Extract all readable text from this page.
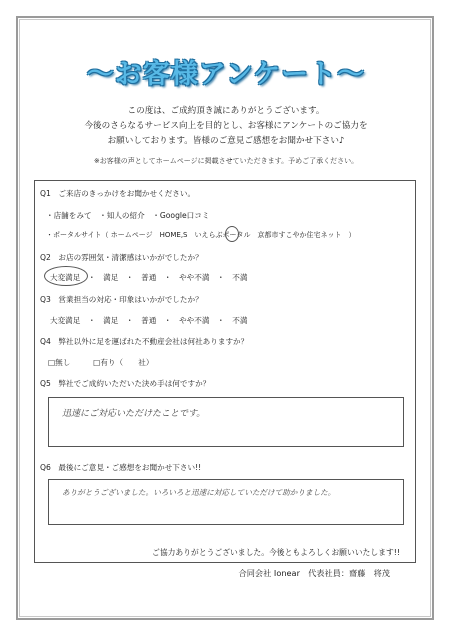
～お客様アンケート～
この度は、ご成約頂き誠にありがとうございます。
今後のさらなるサービス向上を目的とし、お客様にアンケートのご協力を
お願いしております。皆様のご意見ご感想をお聞かせ下さい♪
※お客様の声としてホームページに掲載させていただきます。予めご了承ください。
Q1　ご来店のきっかけをお聞かせください。
・店舗をみて　・知人の紹介　・Google口コミ
・ポータルサイト（ ホームページ　HOME,S　いえらぶポータル　京都市すこやか住宅ネット　）
Q2　お店の雰囲気・清潔感はいかがでしたか？
大変満足　・　満足　・　普通　・　やや不満　・　不満
Q3　営業担当の対応・印象はいかがでしたか？
大変満足　・　満足　・　普通　・　やや不満　・　不満
Q4　弊社以外に足を運ばれた不動産会社は何社ありますか？
□無し　　　□有り（　　社）
Q5　弊社でご成約いただいた決め手は何ですか？
迅速にご対応いただけたことです。
Q6　最後にご意見・ご感想をお聞かせ下さい!!
ありがとうございました。いろいろと迅速に対応していただけて助かりました。
ご協力ありがとうございました。今後ともよろしくお願いいたします!!
合同会社 Ionear　代表社員：齋藤　将茂
